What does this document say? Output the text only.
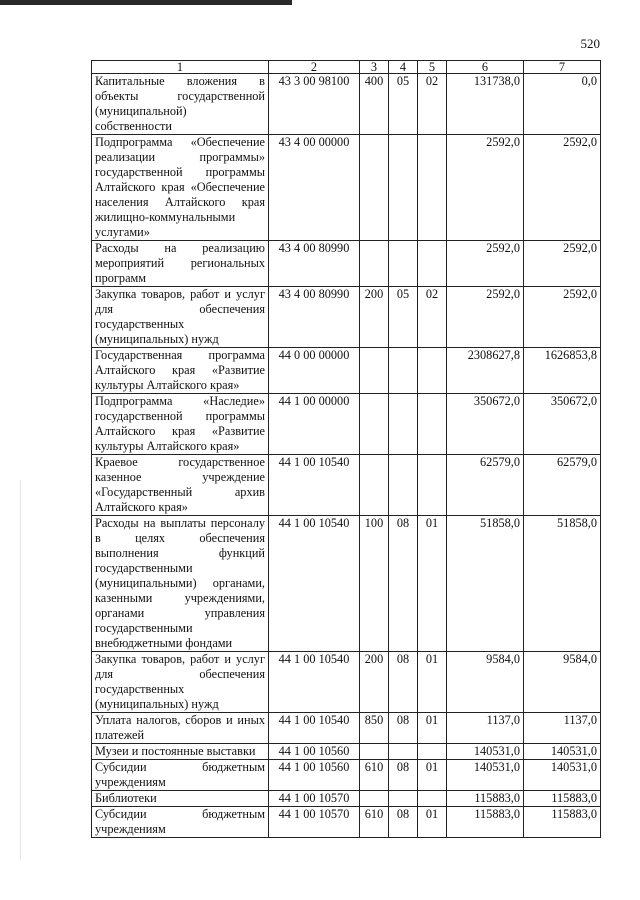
520
1	2	3	4	5	6	7
Капитальные вложения в объекты государственной (муниципальной) собственности	43 3 00 98100	400	05	02	131738,0	0,0
Подпрограмма «Обеспечение реализации программы» государственной программы Алтайского края «Обеспечение населения Алтайского края жилищно-коммунальными услугами»	43 4 00 00000				2592,0	2592,0
Расходы на реализацию мероприятий региональных программ	43 4 00 80990				2592,0	2592,0
Закупка товаров, работ и услуг для обеспечения государственных (муниципальных) нужд	43 4 00 80990	200	05	02	2592,0	2592,0
Государственная программа Алтайского края «Развитие культуры Алтайского края»	44 0 00 00000				2308627,8	1626853,8
Подпрограмма «Наследие» государственной программы Алтайского края «Развитие культуры Алтайского края»	44 1 00 00000				350672,0	350672,0
Краевое государственное казенное учреждение «Государственный архив Алтайского края»	44 1 00 10540				62579,0	62579,0
Расходы на выплаты персоналу в целях обеспечения выполнения функций государственными (муниципальными) органами, казенными учреждениями, органами управления государственными внебюджетными фондами	44 1 00 10540	100	08	01	51858,0	51858,0
Закупка товаров, работ и услуг для обеспечения государственных (муниципальных) нужд	44 1 00 10540	200	08	01	9584,0	9584,0
Уплата налогов, сборов и иных платежей	44 1 00 10540	850	08	01	1137,0	1137,0
Музеи и постоянные выставки	44 1 00 10560				140531,0	140531,0
Субсидии бюджетным учреждениям	44 1 00 10560	610	08	01	140531,0	140531,0
Библиотеки	44 1 00 10570				115883,0	115883,0
Субсидии бюджетным учреждениям	44 1 00 10570	610	08	01	115883,0	115883,0
